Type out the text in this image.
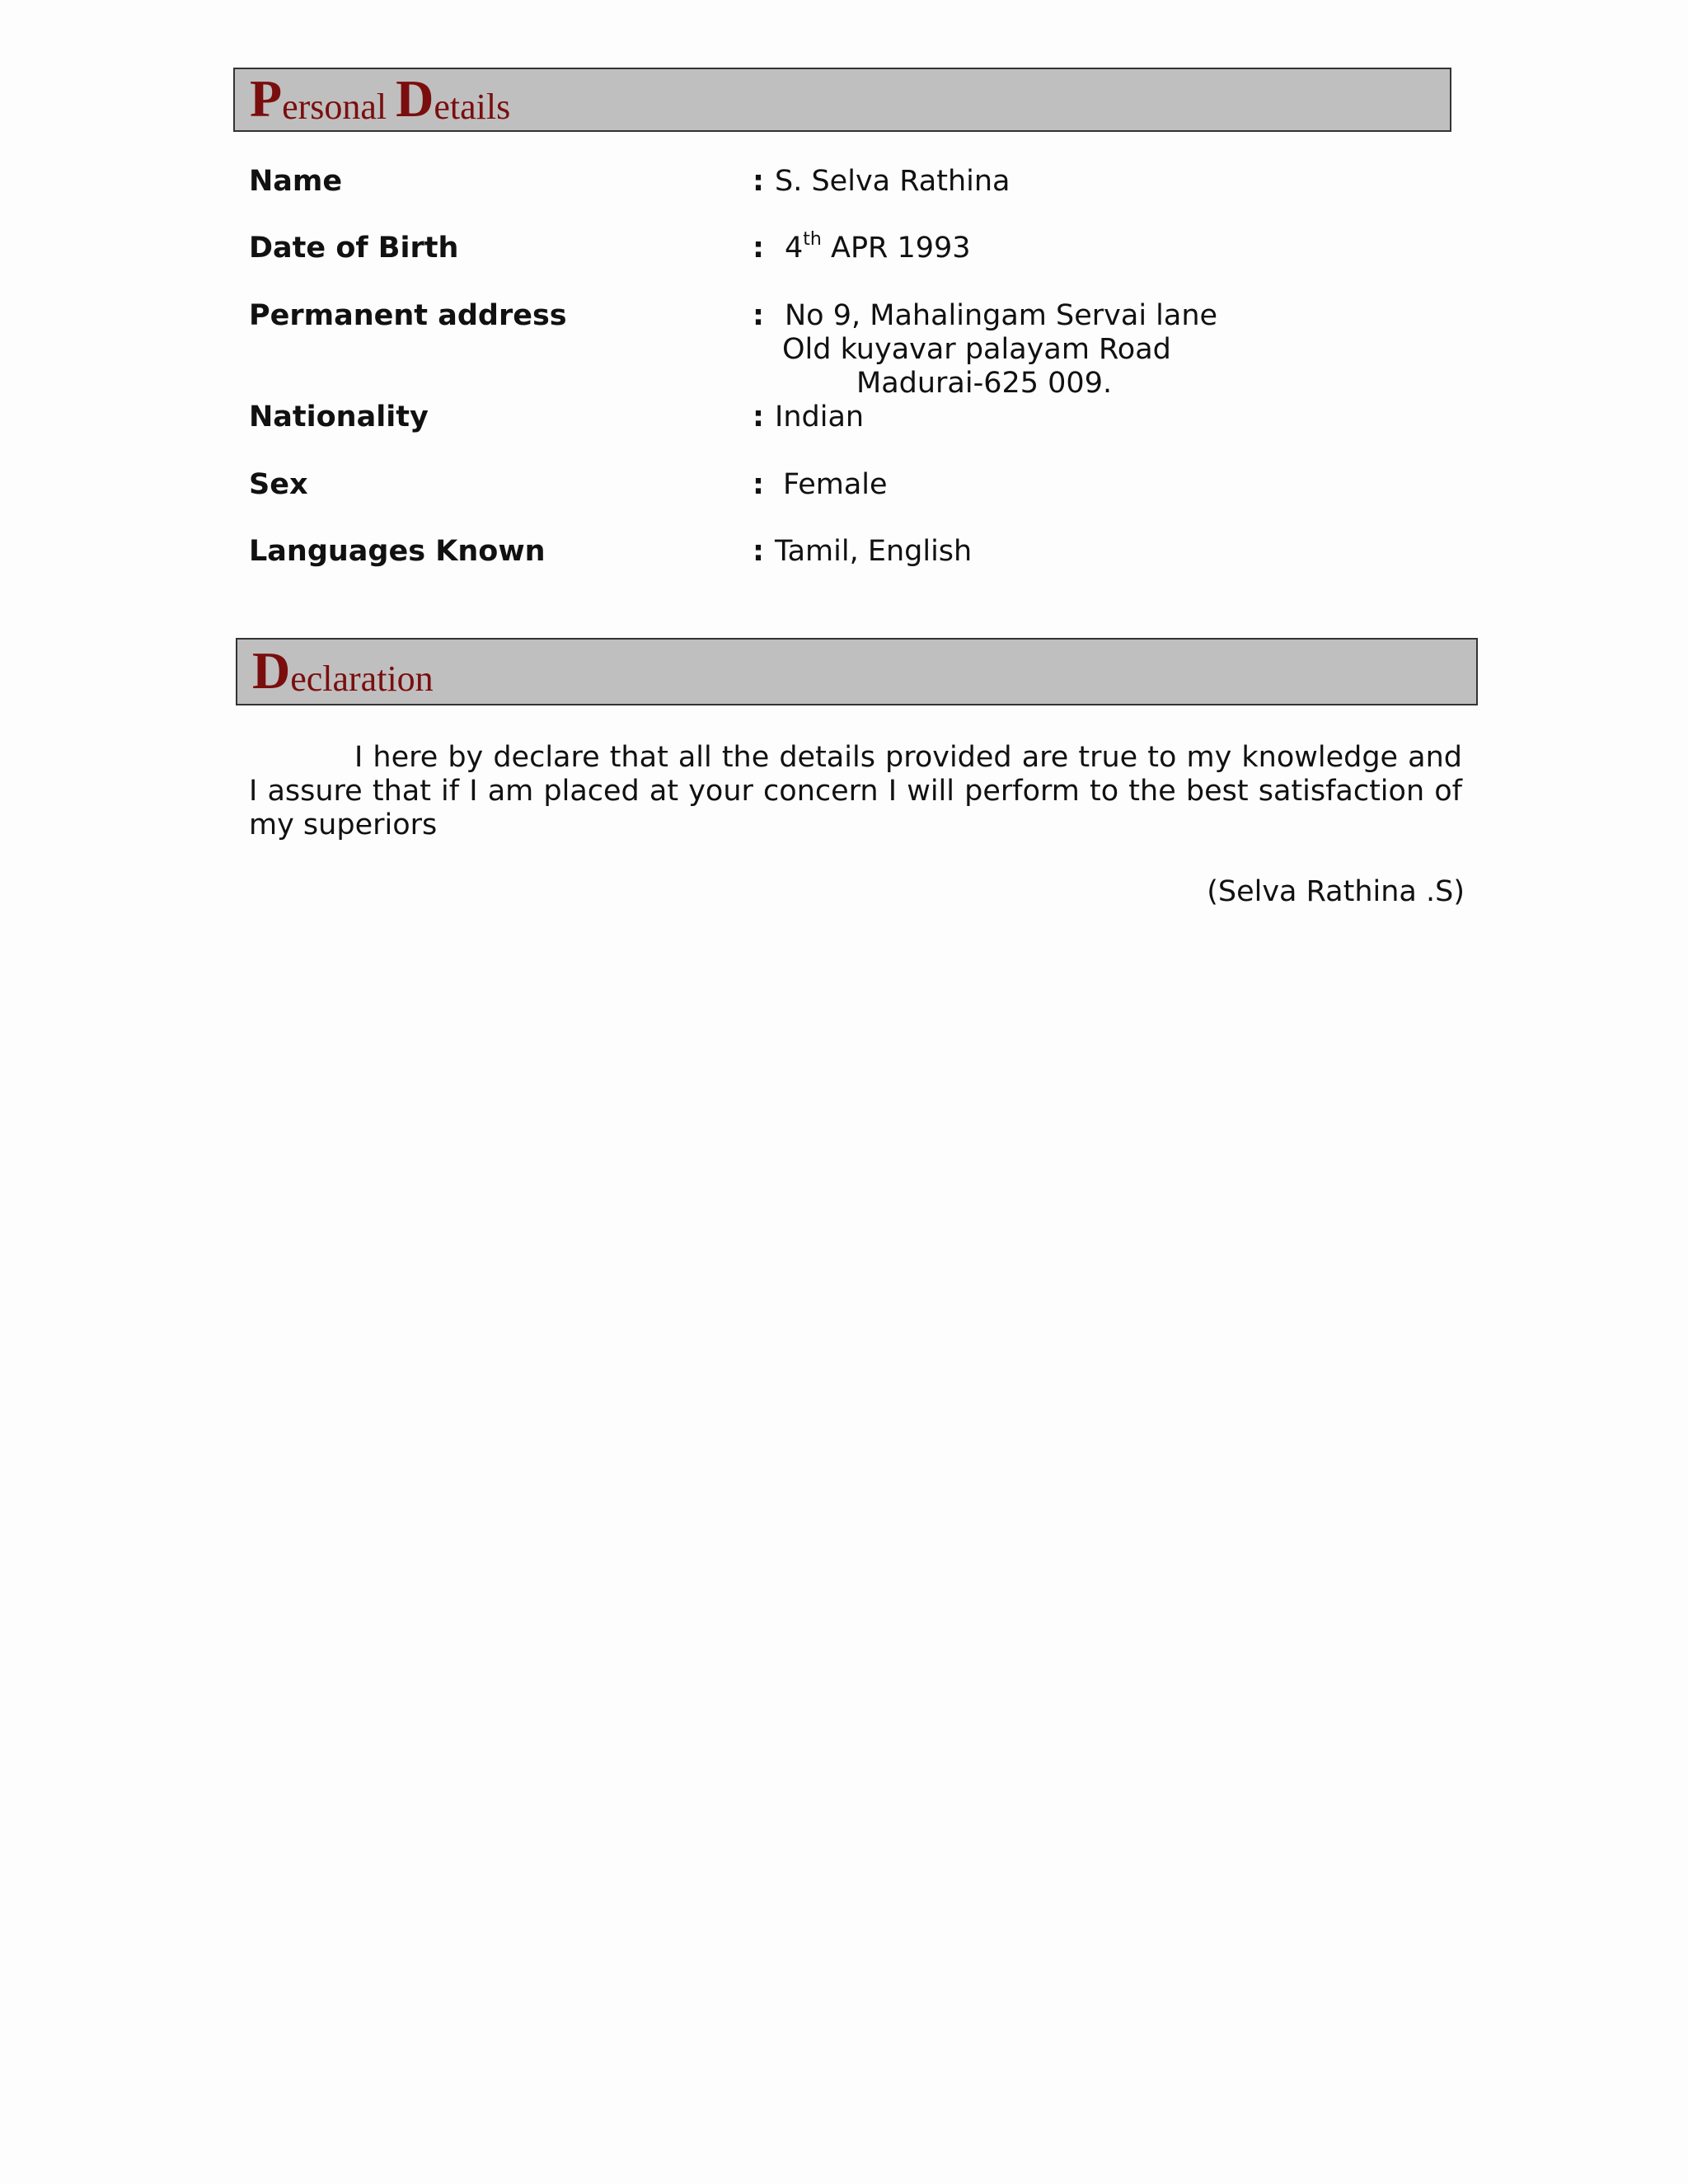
P ersonal D etails
Name	: S. Selva Rathina
Date of Birth	: 4th APR 1993
Permanent address	: No 9, Mahalingam Servai lane
Old kuyavar palayam Road
Madurai-625 009.
Nationality	: Indian
Sex	: Female
Languages Known	: Tamil, English
D eclaration

I here by declare that all the details provided are true to my knowledge and I assure that if I am placed at your concern I will perform to the best satisfaction of my superiors

(Selva Rathina .S)
